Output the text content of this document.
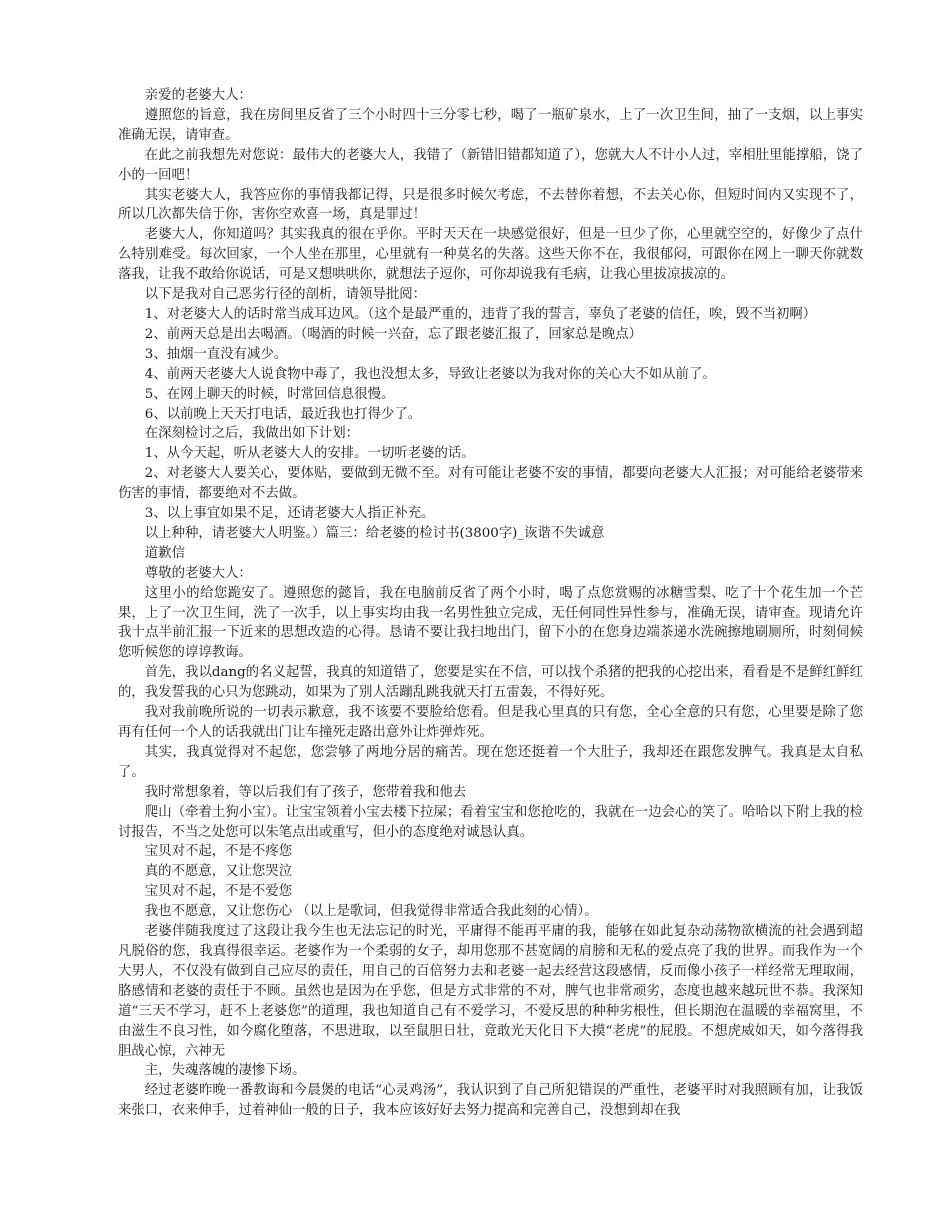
亲爱的老婆大人：

遵照您的旨意，我在房间里反省了三个小时四十三分零七秒，喝了一瓶矿泉水，上了一次卫生间，抽了一支烟，以上事实准确无误，请审查。

在此之前我想先对您说：最伟大的老婆大人，我错了（新错旧错都知道了），您就大人不计小人过，宰相肚里能撑船，饶了小的一回吧！

其实老婆大人，我答应你的事情我都记得，只是很多时候欠考虑，不去替你着想，不去关心你，但短时间内又实现不了，所以几次都失信于你，害你空欢喜一场，真是罪过！

老婆大人，你知道吗？其实我真的很在乎你。平时天天在一块感觉很好，但是一旦少了你，心里就空空的，好像少了点什么特别难受。每次回家，一个人坐在那里，心里就有一种莫名的失落。这些天你不在，我很郁闷，可跟你在网上一聊天你就数落我，让我不敢给你说话，可是又想哄哄你，就想法子逗你，可你却说我有毛病，让我心里拔凉拔凉的。

以下是我对自己恶劣行径的剖析，请领导批阅：

1、对老婆大人的话时常当成耳边风。（这个是最严重的，违背了我的誓言，辜负了老婆的信任，唉，毁不当初啊）

2、前两天总是出去喝酒。（喝酒的时候一兴奋，忘了跟老婆汇报了，回家总是晚点）

3、抽烟一直没有减少。

4、前两天老婆大人说食物中毒了，我也没想太多，导致让老婆以为我对你的关心大不如从前了。

5、在网上聊天的时候，时常回信息很慢。

6、以前晚上天天打电话，最近我也打得少了。

在深刻检讨之后，我做出如下计划：

1、从今天起，听从老婆大人的安排。一切听老婆的话。

2、对老婆大人要关心，要体贴，要做到无微不至。对有可能让老婆不安的事情，都要向老婆大人汇报；对可能给老婆带来伤害的事情，都要绝对不去做。

3、以上事宜如果不足，还请老婆大人指正补充。

以上种种，请老婆大人明鉴。）篇三：给老婆的检讨书(3800字)_诙谐不失诚意

道歉信

尊敬的老婆大人：

这里小的给您跪安了。遵照您的懿旨，我在电脑前反省了两个小时，喝了点您赏赐的冰糖雪梨、吃了十个花生加一个芒果，上了一次卫生间，洗了一次手，以上事实均由我一名男性独立完成，无任何同性异性参与，准确无误，请审查。现请允许我十点半前汇报一下近来的思想改造的心得。恳请不要让我扫地出门，留下小的在您身边端茶递水洗碗擦地刷厕所，时刻伺候您听候您的谆谆教诲。

首先，我以dang的名义起誓，我真的知道错了，您要是实在不信，可以找个杀猪的把我的心挖出来，看看是不是鲜红鲜红的，我发誓我的心只为您跳动，如果为了别人活蹦乱跳我就天打五雷轰，不得好死。

我对我前晚所说的一切表示歉意，我不该要不要脸给您看。但是我心里真的只有您，全心全意的只有您，心里要是除了您再有任何一个人的话我就出门让车撞死走路出意外让炸弹炸死。

其实，我真觉得对不起您，您尝够了两地分居的痛苦。现在您还挺着一个大肚子，我却还在跟您发脾气。我真是太自私了。

我时常想象着，等以后我们有了孩子，您带着我和他去

爬山（牵着土狗小宝）。让宝宝领着小宝去楼下拉屎；看着宝宝和您抢吃的，我就在一边会心的笑了。哈哈以下附上我的检讨报告，不当之处您可以朱笔点出或重写，但小的态度绝对诚恳认真。

宝贝对不起，不是不疼您

真的不愿意，又让您哭泣

宝贝对不起，不是不爱您

我也不愿意，又让您伤心 （以上是歌词，但我觉得非常适合我此刻的心情）。

老婆伴随我度过了这段让我今生也无法忘记的时光，平庸得不能再平庸的我，能够在如此复杂动荡物欲横流的社会遇到超凡脱俗的您，我真得很幸运。老婆作为一个柔弱的女子，却用您那不甚宽阔的肩膀和无私的爱点亮了我的世界。而我作为一个大男人，不仅没有做到自己应尽的责任，用自己的百倍努力去和老婆一起去经营这段感情，反而像小孩子一样经常无理取闹，胳感情和老婆的责任于不顾。虽然也是因为在乎您，但是方式非常的不对，脾气也非常顽劣，态度也越来越玩世不恭。我深知道“三天不学习，赶不上老婆您”的道理，我也知道自己有不爱学习，不爱反思的种种劣根性，但长期泡在温暖的幸福窝里，不由滋生不良习性，如今腐化堕落，不思进取，以至鼠胆日壮，竟敢光天化日下大摸“老虎”的屁股。不想虎威如天，如今落得我胆战心惊，六神无

主，失魂落魄的凄惨下场。

经过老婆昨晚一番教诲和今晨煲的电话“心灵鸡汤”，我认识到了自己所犯错误的严重性，老婆平时对我照顾有加，让我饭来张口，衣来伸手，过着神仙一般的日子，我本应该好好去努力提高和完善自己，没想到却在我
